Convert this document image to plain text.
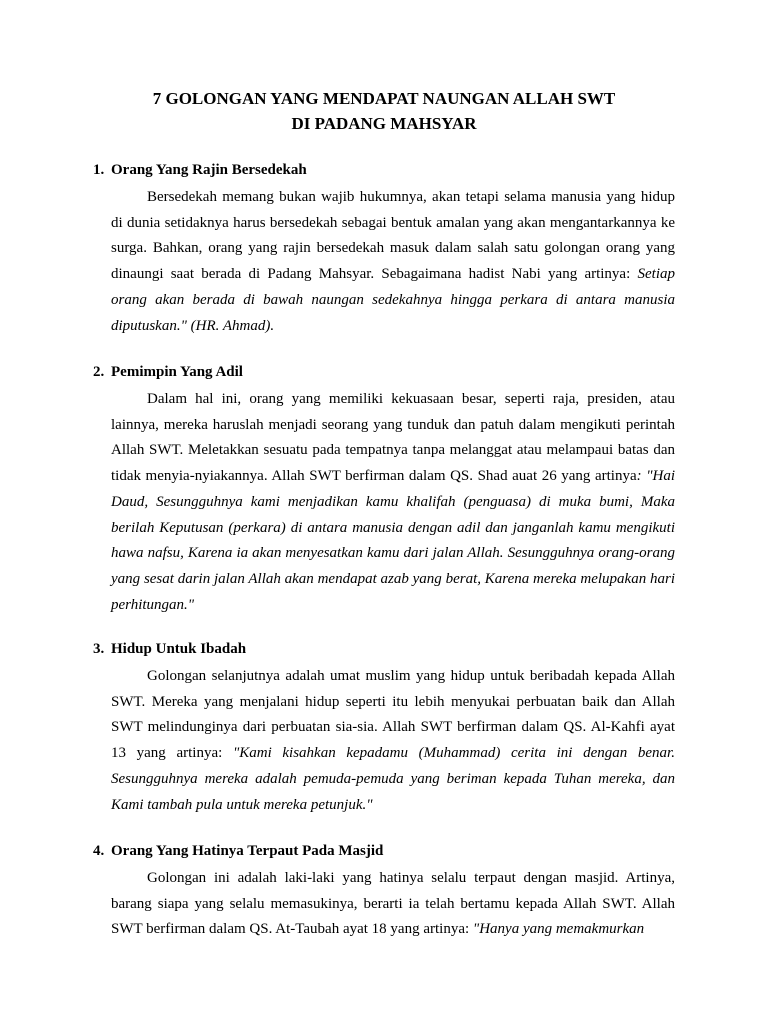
7 GOLONGAN YANG MENDAPAT NAUNGAN ALLAH SWT
DI PADANG MAHSYAR

1. Orang Yang Rajin Bersedekah

Bersedekah memang bukan wajib hukumnya, akan tetapi selama manusia yang hidup di dunia setidaknya harus bersedekah sebagai bentuk amalan yang akan mengantarkannya ke surga. Bahkan, orang yang rajin bersedekah masuk dalam salah satu golongan orang yang dinaungi saat berada di Padang Mahsyar. Sebagaimana hadist Nabi yang artinya: Setiap orang akan berada di bawah naungan sedekahnya hingga perkara di antara manusia diputuskan." (HR. Ahmad).

2. Pemimpin Yang Adil

Dalam hal ini, orang yang memiliki kekuasaan besar, seperti raja, presiden, atau lainnya, mereka haruslah menjadi seorang yang tunduk dan patuh dalam mengikuti perintah Allah SWT. Meletakkan sesuatu pada tempatnya tanpa melanggat atau melampaui batas dan tidak menyia-nyiakannya. Allah SWT berfirman dalam QS. Shad auat 26 yang artinya: "Hai Daud, Sesungguhnya kami menjadikan kamu khalifah (penguasa) di muka bumi, Maka berilah Keputusan (perkara) di antara manusia dengan adil dan janganlah kamu mengikuti hawa nafsu, Karena ia akan menyesatkan kamu dari jalan Allah. Sesungguhnya orang-orang yang sesat darin jalan Allah akan mendapat azab yang berat, Karena mereka melupakan hari perhitungan."

3. Hidup Untuk Ibadah

Golongan selanjutnya adalah umat muslim yang hidup untuk beribadah kepada Allah SWT. Mereka yang menjalani hidup seperti itu lebih menyukai perbuatan baik dan Allah SWT melindunginya dari perbuatan sia-sia. Allah SWT berfirman dalam QS. Al-Kahfi ayat 13 yang artinya: "Kami kisahkan kepadamu (Muhammad) cerita ini dengan benar. Sesungguhnya mereka adalah pemuda-pemuda yang beriman kepada Tuhan mereka, dan Kami tambah pula untuk mereka petunjuk."

4. Orang Yang Hatinya Terpaut Pada Masjid

Golongan ini adalah laki-laki yang hatinya selalu terpaut dengan masjid. Artinya, barang siapa yang selalu memasukinya, berarti ia telah bertamu kepada Allah SWT. Allah SWT berfirman dalam QS. At-Taubah ayat 18 yang artinya: "Hanya yang memakmurkan
